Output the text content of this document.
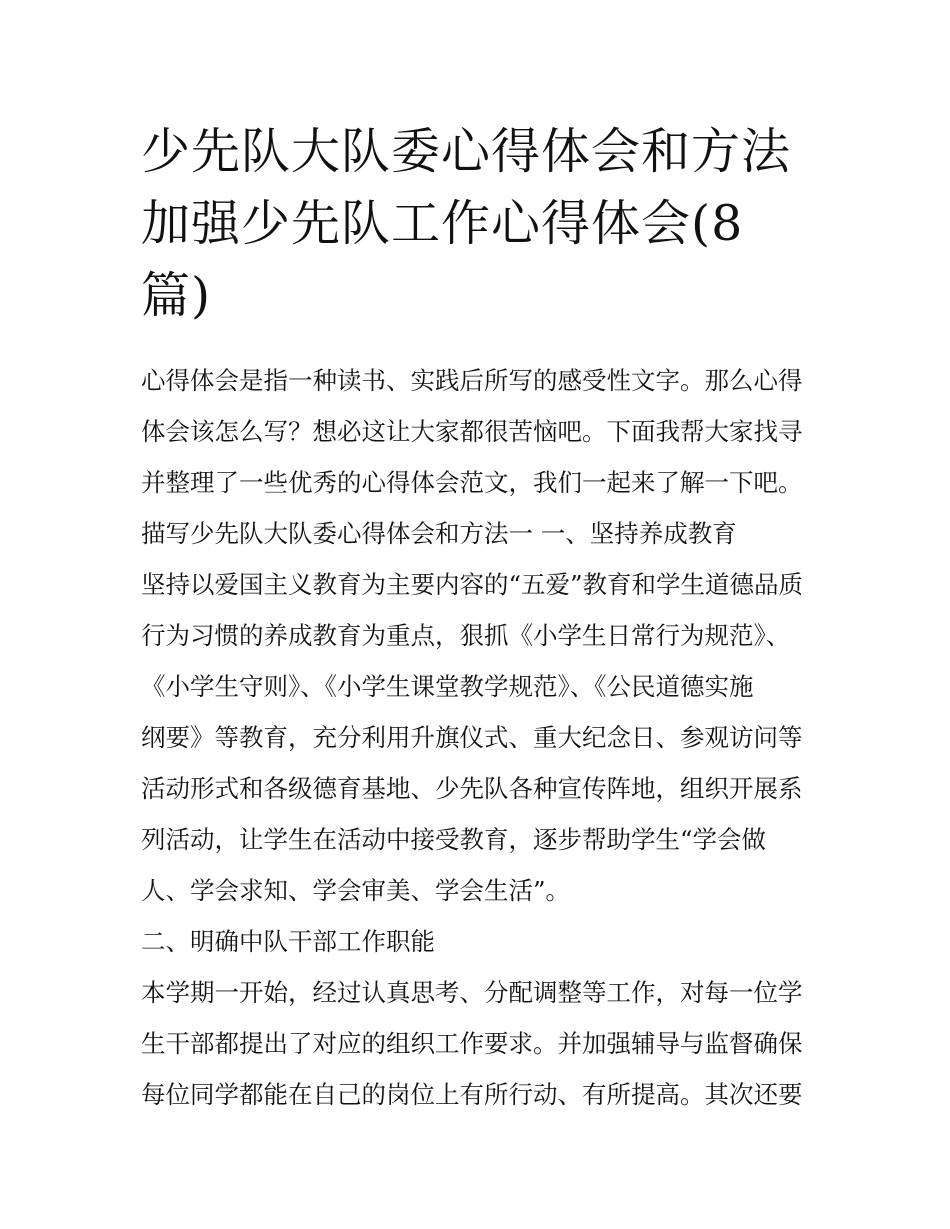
少先队大队委心得体会和方法
加强少先队工作心得体会(8
篇)
心得体会是指一种读书、实践后所写的感受性文字。那么心得
体会该怎么写？想必这让大家都很苦恼吧。下面我帮大家找寻
并整理了一些优秀的心得体会范文，我们一起来了解一下吧。
描写少先队大队委心得体会和方法一 一、坚持养成教育
坚持以爱国主义教育为主要内容的“五爱”教育和学生道德品质
行为习惯的养成教育为重点，狠抓《小学生日常行为规范》、
《小学生守则》、《小学生课堂教学规范》、《公民道德实施
纲要》等教育，充分利用升旗仪式、重大纪念日、参观访问等
活动形式和各级德育基地、少先队各种宣传阵地，组织开展系
列活动，让学生在活动中接受教育，逐步帮助学生“学会做
人、学会求知、学会审美、学会生活”。
二、明确中队干部工作职能
本学期一开始，经过认真思考、分配调整等工作，对每一位学
生干部都提出了对应的组织工作要求。并加强辅导与监督确保
每位同学都能在自己的岗位上有所行动、有所提高。其次还要
